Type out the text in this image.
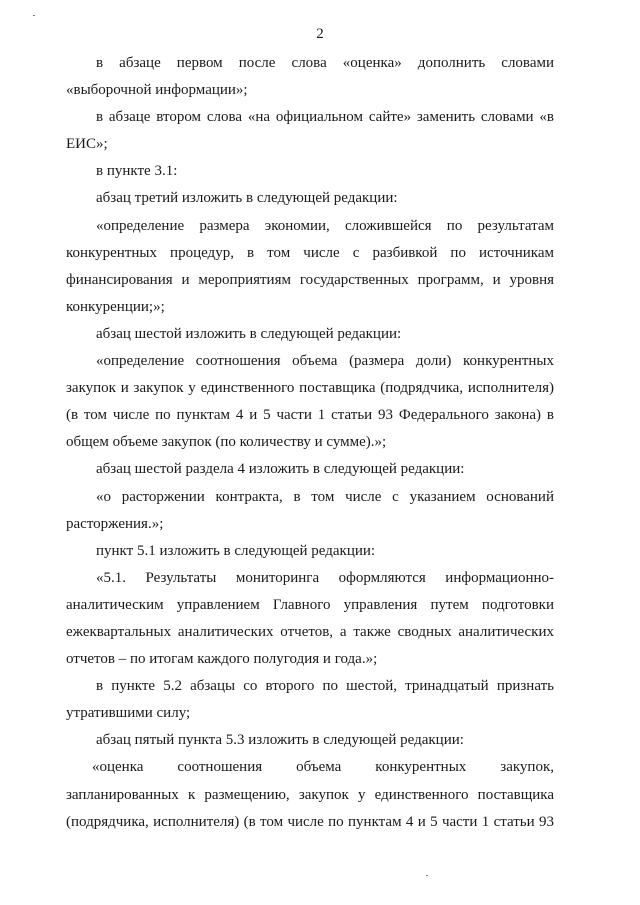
2
в абзаце первом после слова «оценка» дополнить словами
«выборочной информации»;
в абзаце втором слова «на официальном сайте» заменить словами «в
ЕИС»;
в пункте 3.1:
абзац третий изложить в следующей редакции:
«определение размера экономии, сложившейся по результатам
конкурентных процедур, в том числе с разбивкой по источникам
финансирования и мероприятиям государственных программ, и уровня
конкуренции;»;
абзац шестой изложить в следующей редакции:
«определение соотношения объема (размера доли) конкурентных
закупок и закупок у единственного поставщика (подрядчика, исполнителя)
(в том числе по пунктам 4 и 5 части 1 статьи 93 Федерального закона) в
общем объеме закупок (по количеству и сумме).»;
абзац шестой раздела 4 изложить в следующей редакции:
«о расторжении контракта, в том числе с указанием оснований
расторжения.»;
пункт 5.1 изложить в следующей редакции:
«5.1. Результаты мониторинга оформляются информационно-
аналитическим управлением Главного управления путем подготовки
ежеквартальных аналитических отчетов, а также сводных аналитических
отчетов – по итогам каждого полугодия и года.»;
в пункте 5.2 абзацы со второго по шестой, тринадцатый признать
утратившими силу;
абзац пятый пункта 5.3 изложить в следующей редакции:
«оценка соотношения объема конкурентных закупок,
запланированных к размещению, закупок у единственного поставщика
(подрядчика, исполнителя) (в том числе по пунктам 4 и 5 части 1 статьи 93
